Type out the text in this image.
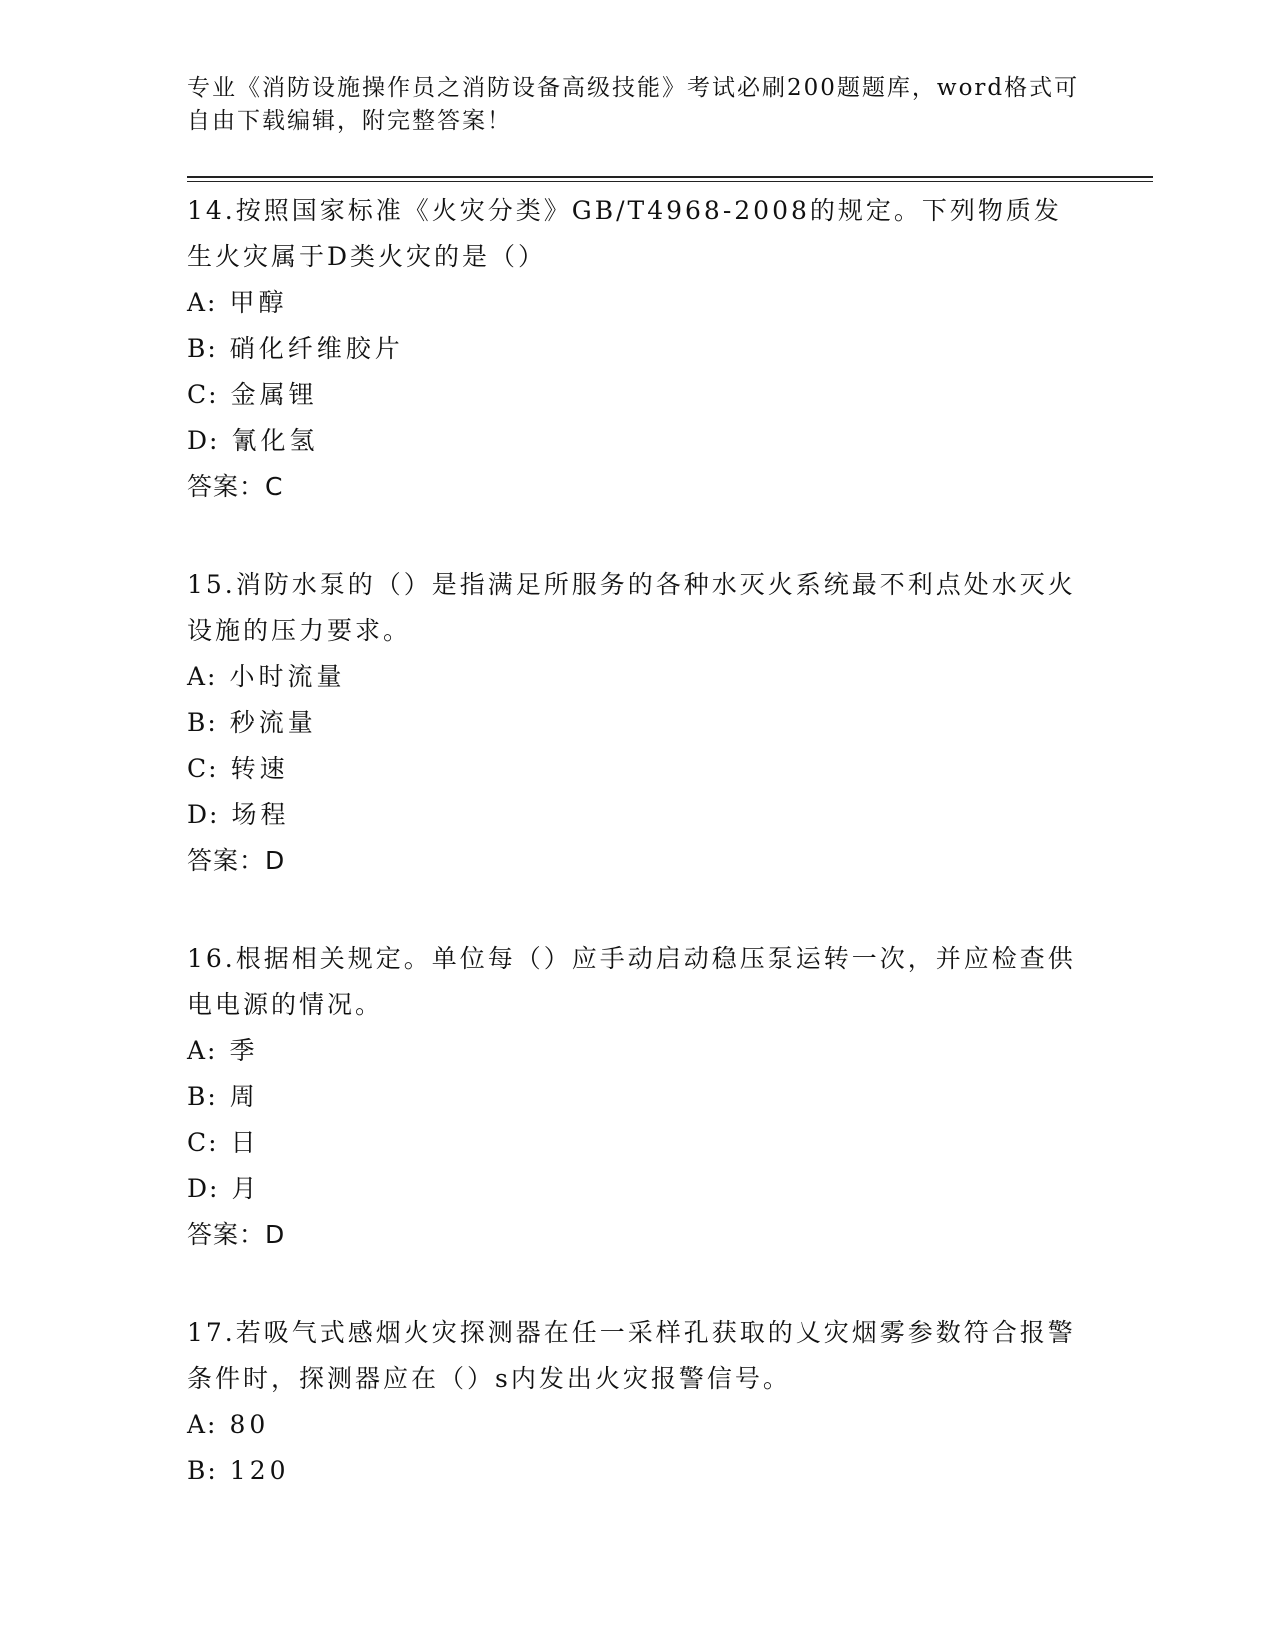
专业《消防设施操作员之消防设备高级技能》考试必刷200题题库，word格式可
自由下载编辑，附完整答案！
14.按照国家标准《火灾分类》GB/T4968-2008的规定。下列物质发生火灾属于D类火灾的是（）
A: 甲醇
B: 硝化纤维胶片
C: 金属锂
D: 氰化氢
答案：C
15.消防水泵的（）是指满足所服务的各种水灭火系统最不利点处水灭火设施的压力要求。
A: 小时流量
B: 秒流量
C: 转速
D: 场程
答案：D
16.根据相关规定。单位每（）应手动启动稳压泵运转一次，并应检查供电电源的情况。
A: 季
B: 周
C: 日
D: 月
答案：D
17.若吸气式感烟火灾探测器在任一采样孔获取的乂灾烟雾参数符合报警条件时，探测器应在（）s内发出火灾报警信号。
A: 80
B: 120
